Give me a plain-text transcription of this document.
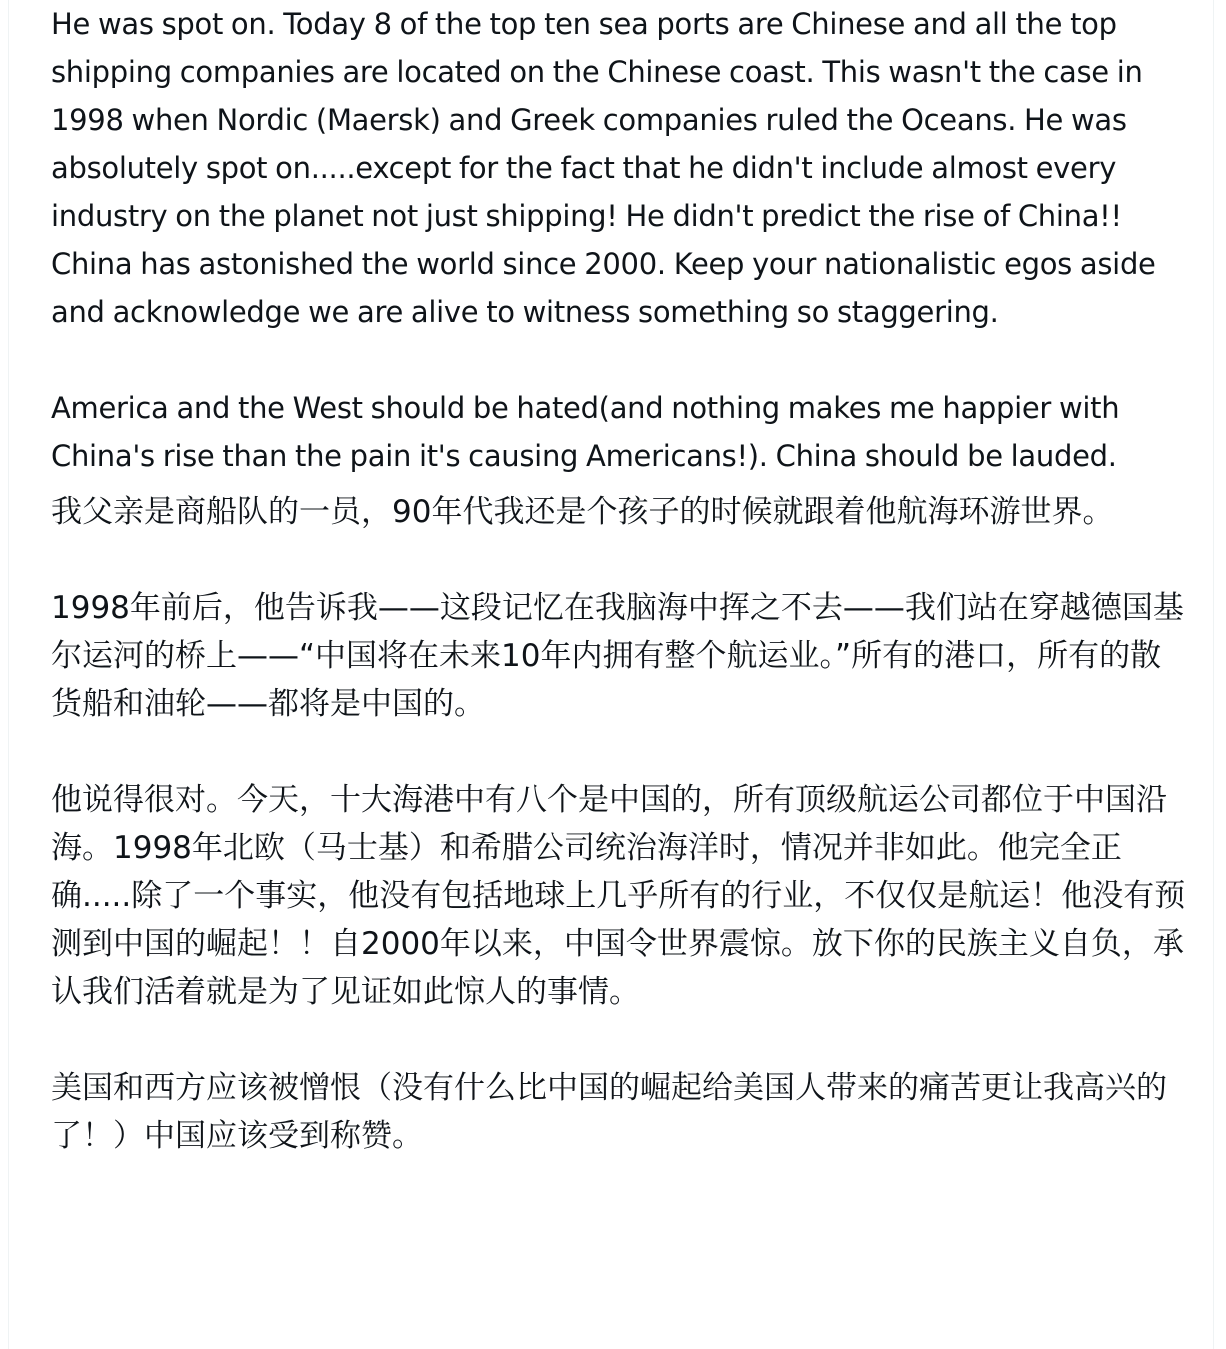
He was spot on. Today 8 of the top ten sea ports are Chinese and all the top shipping companies are located on the Chinese coast. This wasn't the case in 1998 when Nordic (Maersk) and Greek companies ruled the Oceans. He was absolutely spot on.....except for the fact that he didn't include almost every industry on the planet not just shipping! He didn't predict the rise of China!! China has astonished the world since 2000. Keep your nationalistic egos aside and acknowledge we are alive to witness something so staggering.

America and the West should be hated(and nothing makes me happier with China's rise than the pain it's causing Americans!). China should be lauded.

我父亲是商船队的一员，90年代我还是个孩子的时候就跟着他航海环游世界。

1998年前后，他告诉我——这段记忆在我脑海中挥之不去——我们站在穿越德国基尔运河的桥上——“中国将在未来10年内拥有整个航运业。”所有的港口，所有的散货船和油轮——都将是中国的。

他说得很对。今天，十大海港中有八个是中国的，所有顶级航运公司都位于中国沿海。1998年北欧（马士基）和希腊公司统治海洋时，情况并非如此。他完全正确.....除了一个事实，他没有包括地球上几乎所有的行业，不仅仅是航运！他没有预测到中国的崛起！！自2000年以来，中国令世界震惊。放下你的民族主义自负，承认我们活着就是为了见证如此惊人的事情。

美国和西方应该被憎恨（没有什么比中国的崛起给美国人带来的痛苦更让我高兴的了！）中国应该受到称赞。
